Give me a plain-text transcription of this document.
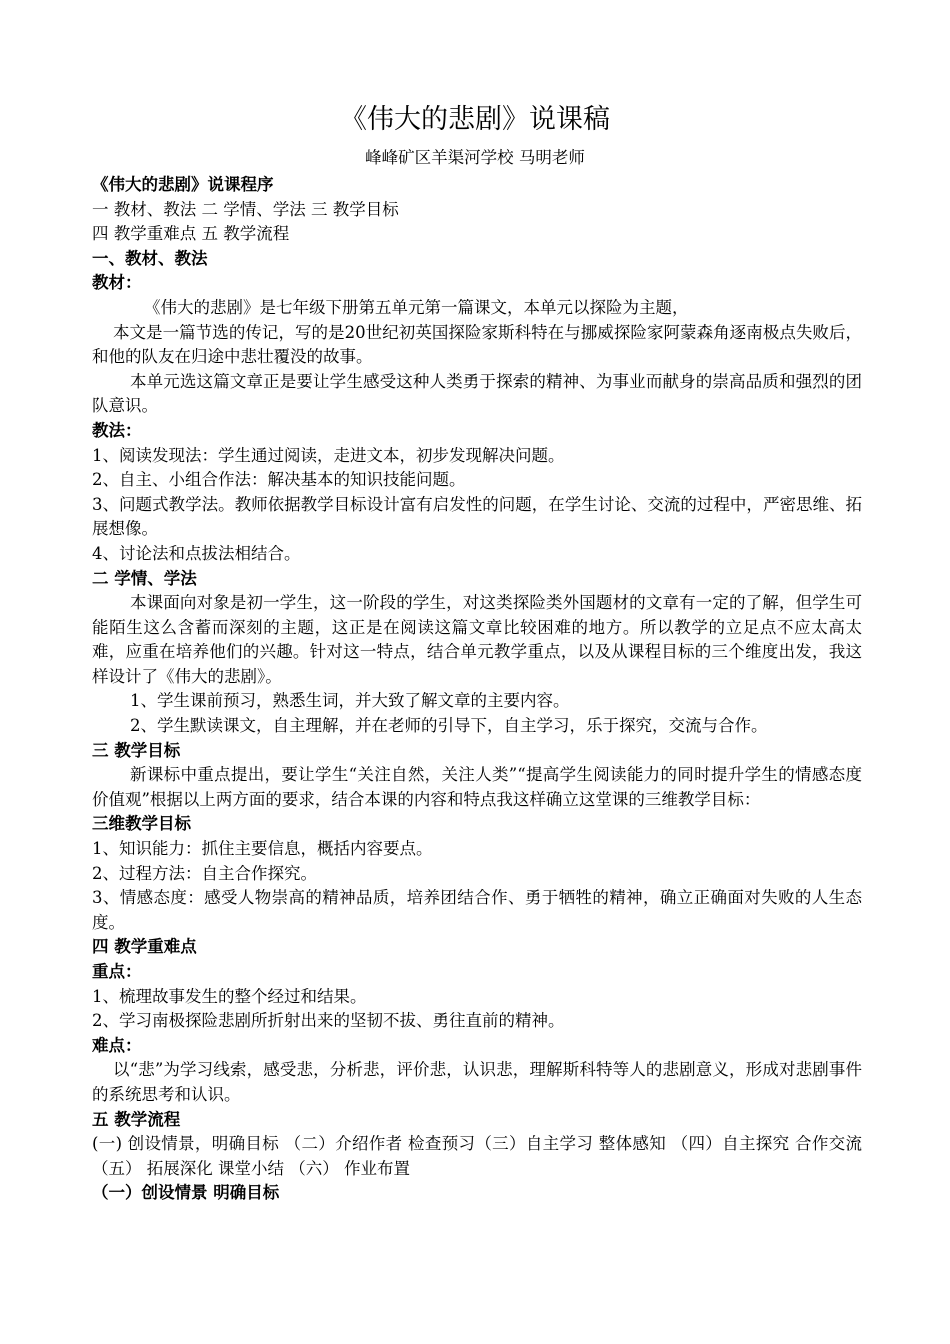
《伟大的悲剧》说课稿
峰峰矿区羊渠河学校 马明老师

《伟大的悲剧》说课程序

一 教材、教法 二 学情、学法 三 教学目标

四 教学重难点 五 教学流程

一、教材、教法

教材：

《伟大的悲剧》是七年级下册第五单元第一篇课文，本单元以探险为主题，

本文是一篇节选的传记，写的是20世纪初英国探险家斯科特在与挪威探险家阿蒙森角逐南极点失败后，和他的队友在归途中悲壮覆没的故事。

本单元选这篇文章正是要让学生感受这种人类勇于探索的精神、为事业而献身的崇高品质和强烈的团队意识。

教法：

1、阅读发现法：学生通过阅读，走进文本，初步发现解决问题。

2、自主、小组合作法：解决基本的知识技能问题。

3、问题式教学法。教师依据教学目标设计富有启发性的问题，在学生讨论、交流的过程中，严密思维、拓展想像。

4、讨论法和点拔法相结合。

二 学情、学法

本课面向对象是初一学生，这一阶段的学生，对这类探险类外国题材的文章有一定的了解，但学生可能陌生这么含蓄而深刻的主题，这正是在阅读这篇文章比较困难的地方。所以教学的立足点不应太高太难，应重在培养他们的兴趣。针对这一特点，结合单元教学重点，以及从课程目标的三个维度出发，我这样设计了《伟大的悲剧》。

1、学生课前预习，熟悉生词，并大致了解文章的主要内容。

2、学生默读课文，自主理解，并在老师的引导下，自主学习，乐于探究，交流与合作。

三 教学目标

新课标中重点提出，要让学生“关注自然，关注人类”“提高学生阅读能力的同时提升学生的情感态度价值观”根据以上两方面的要求，结合本课的内容和特点我这样确立这堂课的三维教学目标：

三维教学目标

1、知识能力：抓住主要信息，概括内容要点。

2、过程方法：自主合作探究。

3、情感态度：感受人物崇高的精神品质，培养团结合作、勇于牺牲的精神，确立正确面对失败的人生态度。

四 教学重难点

重点：

1、梳理故事发生的整个经过和结果。

2、学习南极探险悲剧所折射出来的坚韧不拔、勇往直前的精神。

难点：

以“悲”为学习线索，感受悲，分析悲，评价悲，认识悲，理解斯科特等人的悲剧意义，形成对悲剧事件的系统思考和认识。

五 教学流程

(一) 创设情景，明确目标 （二）介绍作者 检查预习（三）自主学习 整体感知 （四）自主探究 合作交流 （五） 拓展深化 课堂小结 （六） 作业布置

（一）创设情景 明确目标
